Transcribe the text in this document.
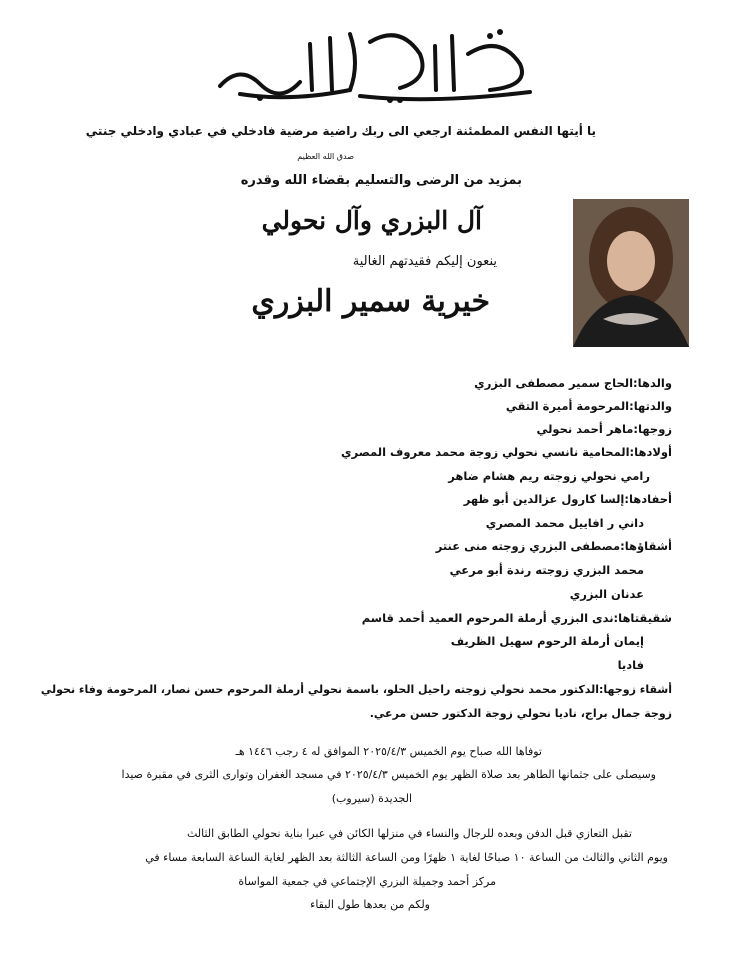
يا أيتها النفس المطمئنة ارجعي الى ربك راضية مرضية فادخلي في عبادي وادخلي جنتي
صدق الله العظيم
بمزيد من الرضى والتسليم بقضاء الله وقدره
آل البزري وآل نحولي
ينعون إليكم فقيدتهم الغالية
خيرية سمير البزري
والدها:الحاج سمير مصطفى البزري
والدتها:المرحومة أميرة التقي
زوجها:ماهر أحمد نحولي
أولادها:المحامية نانسي نحولي زوجة محمد معروف المصري
رامي نحولي زوجته ريم هشام ضاهر
أحفادها:إلسا كارول عزالدين أبو ظهر
داني ر افاييل محمد المصري
أشقاؤها:مصطفى البزري زوجته منى عنتر
محمد البزري زوجته رندة أبو مرعي
عدنان البزري
شقيقتاها:ندى البزري أرملة المرحوم العميد أحمد قاسم
إيمان أرملة الرحوم سهيل الظريف
فاديا
أشقاء زوجها:الدكتور محمد نحولي زوجته راحيل الحلو، باسمة نحولي أرملة المرحوم حسن نصار، المرحومة وفاء نحولي
زوجة جمال براج، ناديا نحولي زوجة الدكتور حسن مرعي.
توفاها الله صباح يوم الخميس ٢٠٢٥/٤/٣ الموافق له ٤ رجب ١٤٤٦ هـ
وسيصلى على جثمانها الطاهر بعد صلاة الظهر يوم الخميس ٢٠٢٥/٤/٣ في مسجد الغفران وتوارى الثرى في مقبرة صيدا
الجديدة (سيروب)
تقبل التعازي قبل الدفن وبعده للرجال والنساء في منزلها الكائن في عبرا بناية نحولي الطابق الثالث
ويوم الثاني والثالث من الساعة ١٠ صباحًا لغاية ١ ظهرًا ومن الساعة الثالثة بعد الظهر لغاية الساعة السابعة مساء في
مركز أحمد وجميلة البزري الإجتماعي في جمعية المواساة
ولكم من بعدها طول البقاء
